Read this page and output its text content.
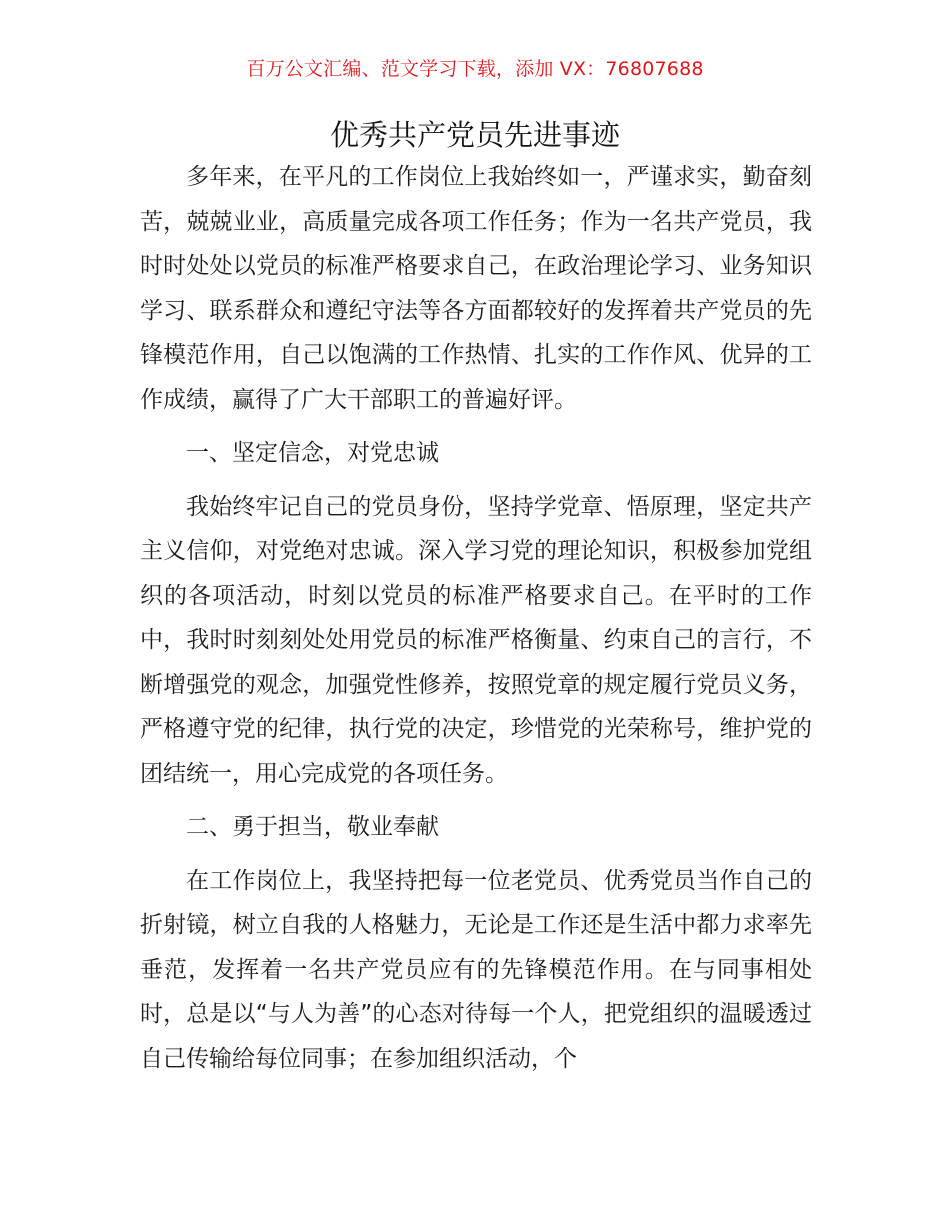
百万公文汇编、范文学习下载，添加 VX：76807688
优秀共产党员先进事迹

多年来，在平凡的工作岗位上我始终如一，严谨求实，勤奋刻苦，兢兢业业，高质量完成各项工作任务；作为一名共产党员，我时时处处以党员的标准严格要求自己，在政治理论学习、业务知识学习、联系群众和遵纪守法等各方面都较好的发挥着共产党员的先锋模范作用，自己以饱满的工作热情、扎实的工作作风、优异的工作成绩，赢得了广大干部职工的普遍好评。

一、坚定信念，对党忠诚

我始终牢记自己的党员身份，坚持学党章、悟原理，坚定共产主义信仰，对党绝对忠诚。深入学习党的理论知识，积极参加党组织的各项活动，时刻以党员的标准严格要求自己。在平时的工作中，我时时刻刻处处用党员的标准严格衡量、约束自己的言行，不断增强党的观念，加强党性修养，按照党章的规定履行党员义务，严格遵守党的纪律，执行党的决定，珍惜党的光荣称号，维护党的团结统一，用心完成党的各项任务。

二、勇于担当，敬业奉献

在工作岗位上，我坚持把每一位老党员、优秀党员当作自己的折射镜，树立自我的人格魅力，无论是工作还是生活中都力求率先垂范，发挥着一名共产党员应有的先锋模范作用。在与同事相处时，总是以“与人为善”的心态对待每一个人，把党组织的温暖透过自己传输给每位同事；在参加组织活动，个
